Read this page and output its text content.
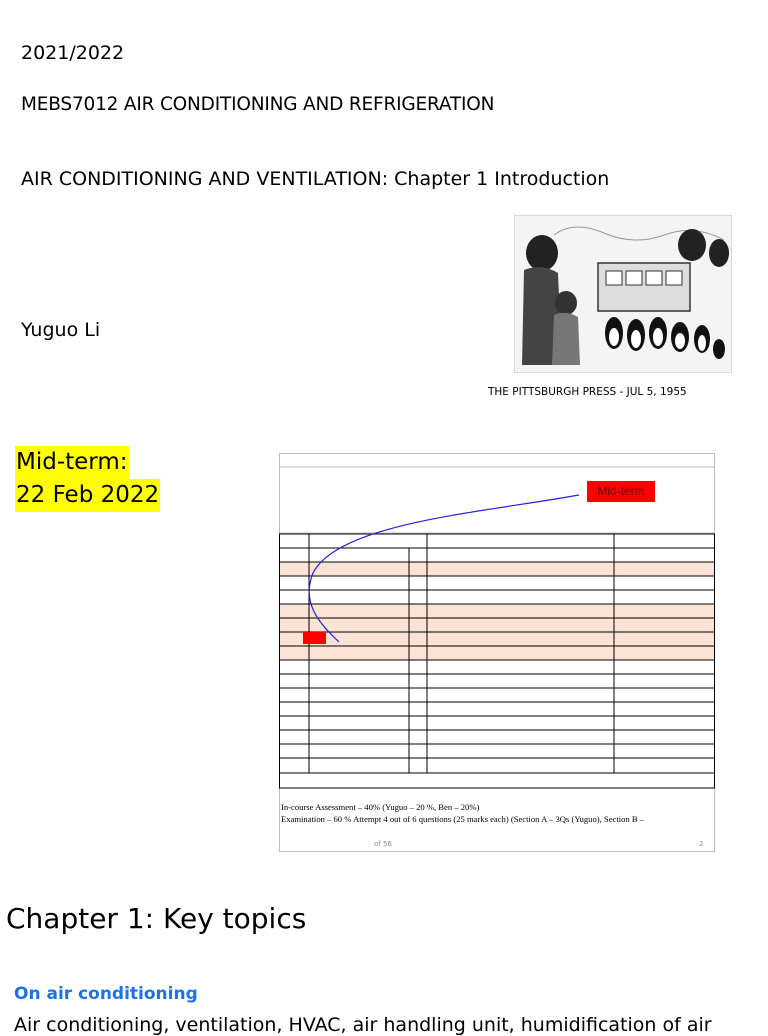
2021/2022
MEBS7012 AIR CONDITIONING AND REFRIGERATION
AIR CONDITIONING AND VENTILATION: Chapter 1 Introduction
Yuguo Li
THE PITTSBURGH PRESS - JUL 5, 1955
Mid-term:
22 Feb 2022	Mid-term
In-course Assessment – 40% (Yuguo – 20 %, Ben – 20%)
Examination – 60 % Attempt 4 out of 6 questions (25 marks each) (Section A – 3Qs (Yuguo), Section B –
of 56	2
Chapter 1: Key topics
On air conditioning
Air conditioning, ventilation, HVAC, air handling unit, humidification of air
